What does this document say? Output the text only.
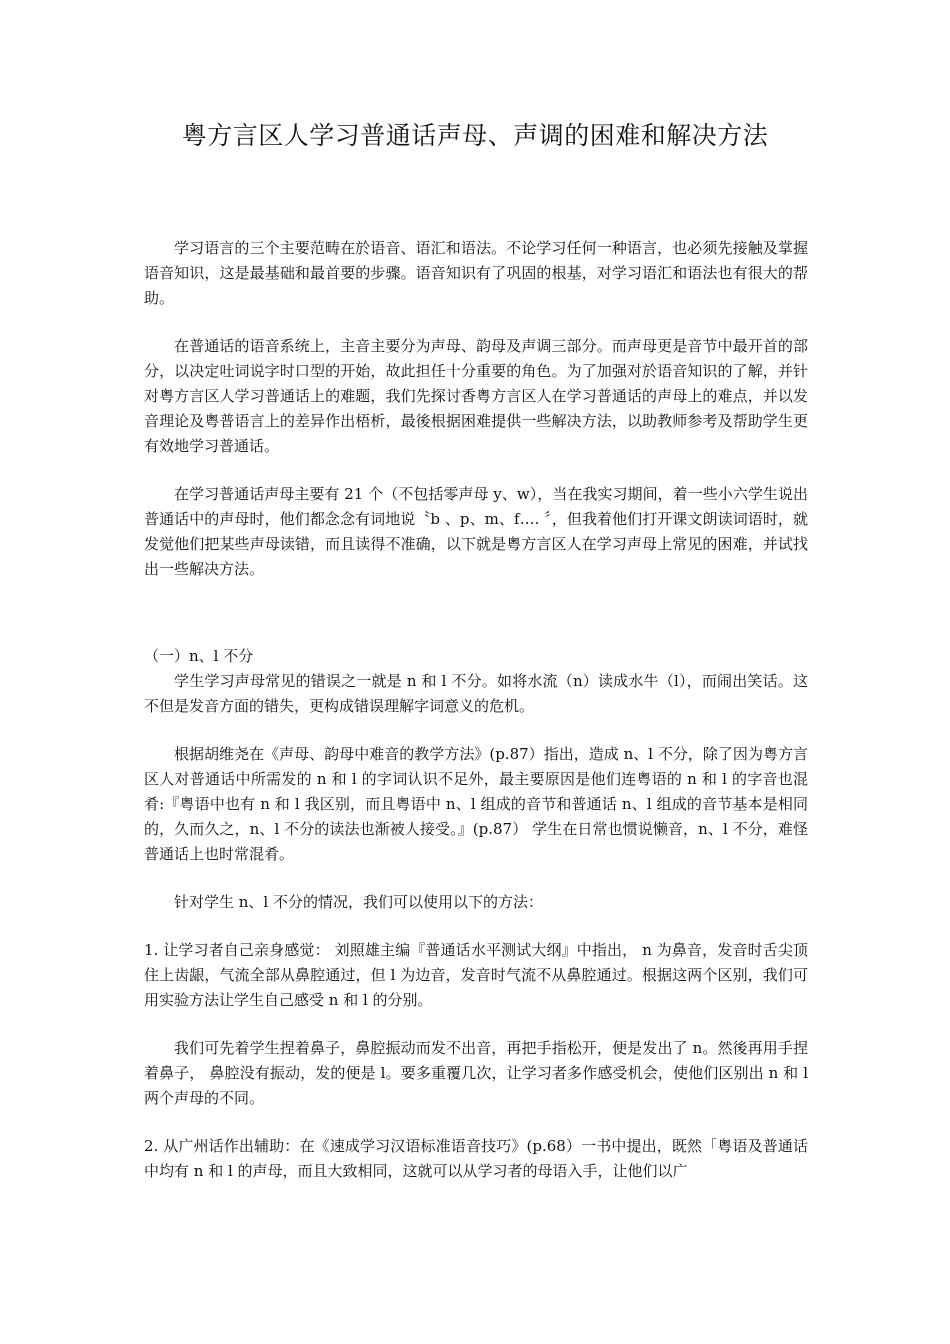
粤方言区人学习普通话声母、声调的困难和解决方法

学习语言的三个主要范畴在於语音、语汇和语法。不论学习任何一种语言，也必须先接触及掌握语音知识，这是最基础和最首要的步骤。语音知识有了巩固的根基，对学习语汇和语法也有很大的帮助。

在普通话的语音系统上，主音主要分为声母、韵母及声调三部分。而声母更是音节中最开首的部分，以决定吐词说字时口型的开始，故此担任十分重要的角色。为了加强对於语音知识的了解，并针对粤方言区人学习普通话上的难题，我们先探讨香粤方言区人在学习普通话的声母上的难点，并以发音理论及粤普语言上的差异作出梧析，最後根据困难提供一些解决方法，以助教师参考及帮助学生更有效地学习普通话。

在学习普通话声母主要有 21 个（不包括零声母 y、w），当在我实习期间，着一些小六学生说出普通话中的声母时，他们都念念有词地说〝b 、p、m、f…. 〞，但我着他们打开课文朗读词语时，就发觉他们把某些声母读错，而且读得不准确，以下就是粤方言区人在学习声母上常见的困难，并试找出一些解决方法。

（一）n、l 不分

学生学习声母常见的错误之一就是 n 和 l 不分。如将水流（n）读成水牛（l），而闹出笑话。这不但是发音方面的错失，更构成错误理解字词意义的危机。

根据胡维尧在《声母、韵母中难音的教学方法》(p.87）指出，造成 n、l 不分，除了因为粤方言区人对普通话中所需发的 n 和 l 的字词认识不足外，最主要原因是他们连粤语的 n 和 l 的字音也混肴:『粤语中也有 n 和 l 我区别，而且粤语中 n、l 组成的音节和普通话 n、l 组成的音节基本是相同的，久而久之，n、l 不分的读法也渐被人接受。』(p.87） 学生在日常也惯说懒音，n、l 不分，难怪普通话上也时常混肴。

针对学生 n、l 不分的情况，我们可以使用以下的方法：

1. 让学习者自己亲身感觉： 刘照雄主编『普通话水平测试大纲』中指出， n 为鼻音，发音时舌尖顶住上齿龈，气流全部从鼻腔通过，但 l 为边音，发音时气流不从鼻腔通过。根据这两个区别，我们可用实验方法让学生自己感受 n 和 l 的分别。

我们可先着学生捏着鼻子，鼻腔振动而发不出音，再把手指松开，便是发出了 n。然後再用手捏着鼻子， 鼻腔没有振动，发的便是 l。要多重覆几次，让学习者多作感受机会，使他们区别出 n 和 l 两个声母的不同。

2. 从广州话作出辅助：在《速成学习汉语标准语音技巧》(p.68）一书中提出，既然「粤语及普通话中均有 n 和 l 的声母，而且大致相同，这就可以从学习者的母语入手，让他们以广
